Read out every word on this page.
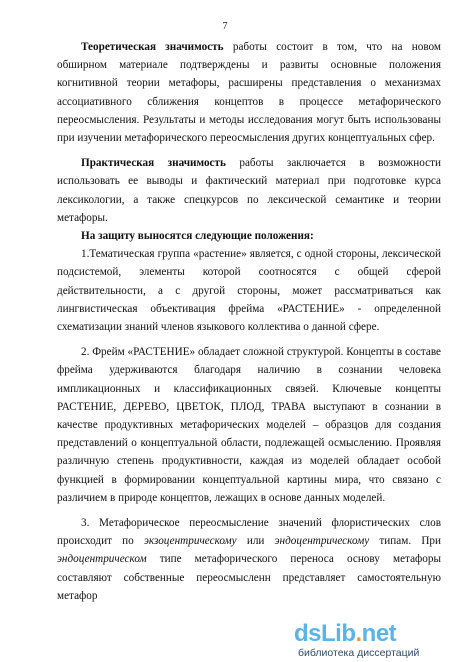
7

Теоретическая значимость работы состоит в том, что на новом обширном материале подтверждены и развиты основные положения когнитивной теории метафоры, расширены представления о механизмах ассоциативного сближения концептов в процессе метафорического переосмысления. Результаты и методы исследования могут быть использованы при изучении метафорического переосмысления других концептуальных сфер.

Практическая значимость работы заключается в возможности использовать ее выводы и фактический материал при подготовке курса лексикологии, а также спецкурсов по лексической семантике и теории метафоры.

На защиту выносятся следующие положения:

1.Тематическая группа «растение» является, с одной стороны, лексической подсистемой, элементы которой соотносятся с общей сферой действительности, а с другой стороны, может рассматриваться как лингвистическая объективация фрейма «РАСТЕНИЕ» - определенной схематизации знаний членов языкового коллектива о данной сфере.

2. Фрейм «РАСТЕНИЕ» обладает сложной структурой. Концепты в составе фрейма удерживаются благодаря наличию в сознании человека импликационных и классификационных связей. Ключевые концепты РАСТЕНИЕ, ДЕРЕВО, ЦВЕТОК, ПЛОД, ТРАВА выступают в сознании в качестве продуктивных метафорических моделей – образцов для создания представлений о концептуальной области, подлежащей осмыслению. Проявляя различную степень продуктивности, каждая из моделей обладает особой функцией в формировании концептуальной картины мира, что связано с различием в природе концептов, лежащих в основе данных моделей.

3. Метафорическое переосмысление значений флористических слов происходит по экзоцентрическому или эндоцентрическому типам. При эндоцентрическом типе метафорического переноса основу метафоры составляют собственные переосмысленн представляет самостоятельную метафор

dsLib.net
библиотека диссертаций
